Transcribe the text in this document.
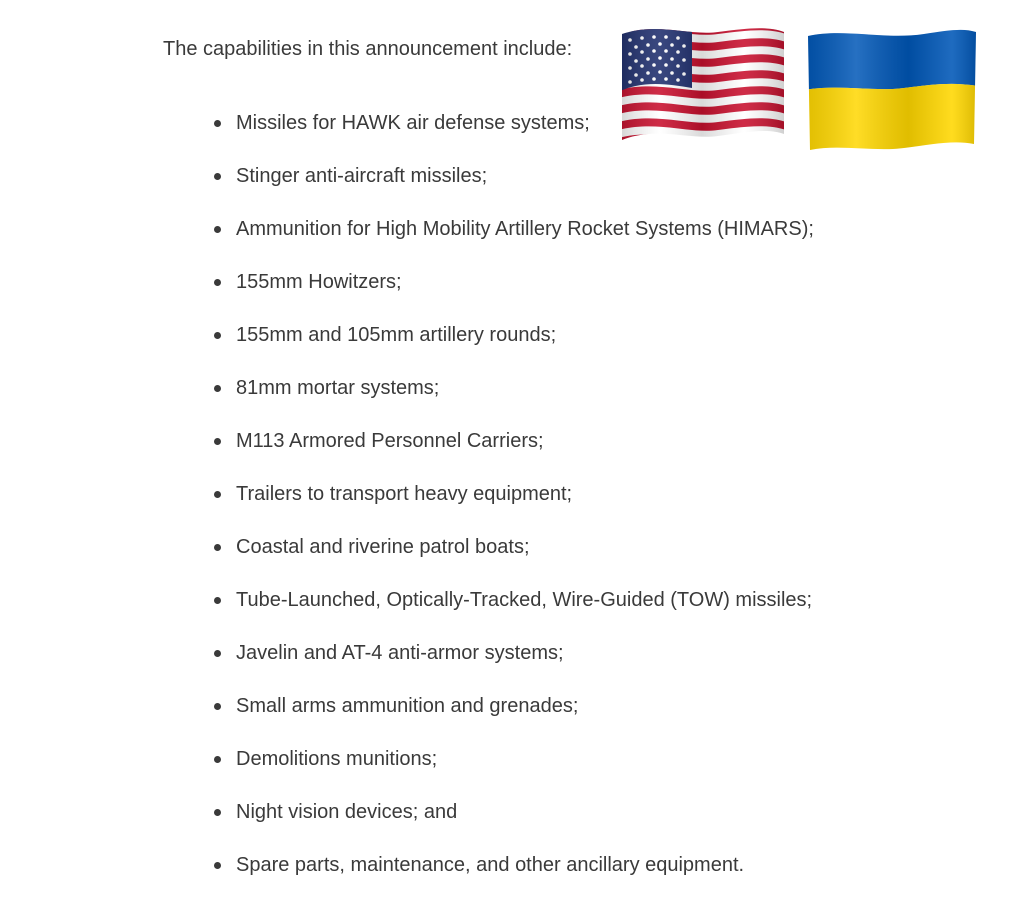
The capabilities in this announcement include:

Missiles for HAWK air defense systems;
Stinger anti-aircraft missiles;
Ammunition for High Mobility Artillery Rocket Systems (HIMARS);
155mm Howitzers;
155mm and 105mm artillery rounds;
81mm mortar systems;
M113 Armored Personnel Carriers;
Trailers to transport heavy equipment;
Coastal and riverine patrol boats;
Tube-Launched, Optically-Tracked, Wire-Guided (TOW) missiles;
Javelin and AT-4 anti-armor systems;
Small arms ammunition and grenades;
Demolitions munitions;
Night vision devices; and
Spare parts, maintenance, and other ancillary equipment.
